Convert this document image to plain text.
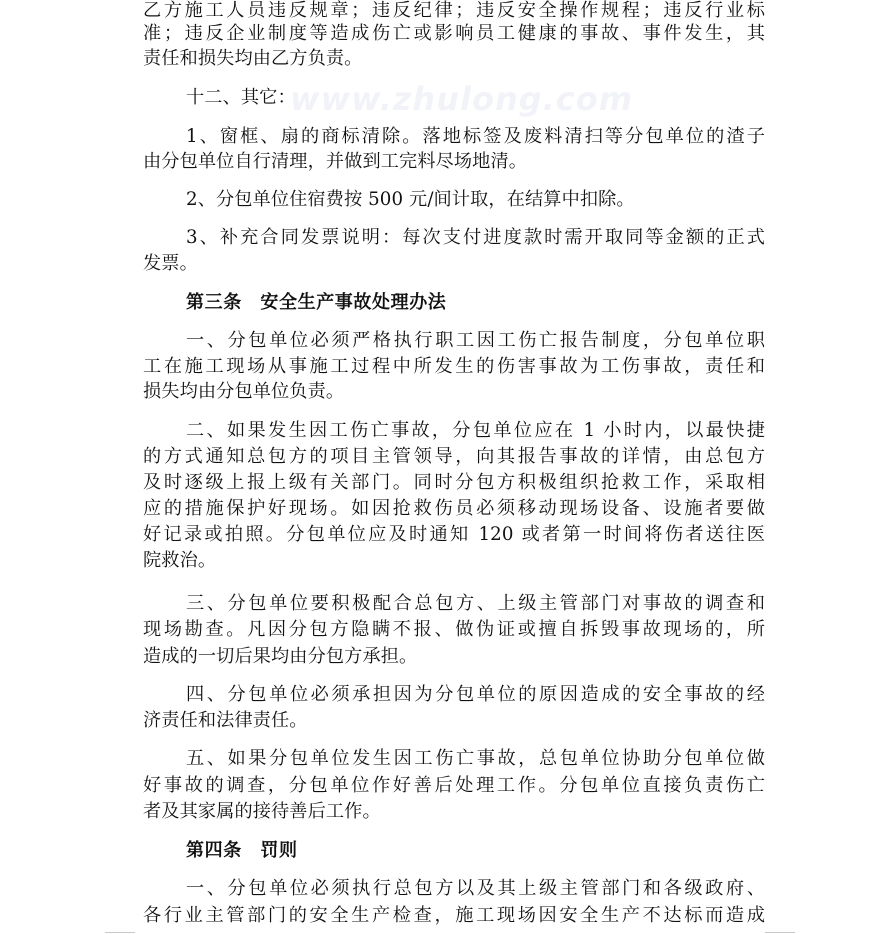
www.zhulong.com
乙方施工人员违反规章；违反纪律；违反安全操作规程；违反行业标
准；违反企业制度等造成伤亡或影响员工健康的事故、事件发生，其
责任和损失均由乙方负责。
十二、其它：
1、窗框、扇的商标清除。落地标签及废料清扫等分包单位的渣子
由分包单位自行清理，并做到工完料尽场地清。
2、分包单位住宿费按 500 元/间计取，在结算中扣除。
3、补充合同发票说明：每次支付进度款时需开取同等金额的正式
发票。
第三条　安全生产事故处理办法
一、分包单位必须严格执行职工因工伤亡报告制度，分包单位职
工在施工现场从事施工过程中所发生的伤害事故为工伤事故，责任和
损失均由分包单位负责。
二、如果发生因工伤亡事故，分包单位应在 1 小时内，以最快捷
的方式通知总包方的项目主管领导，向其报告事故的详情，由总包方
及时逐级上报上级有关部门。同时分包方积极组织抢救工作，采取相
应的措施保护好现场。如因抢救伤员必须移动现场设备、设施者要做
好记录或拍照。分包单位应及时通知 120 或者第一时间将伤者送往医
院救治。
三、分包单位要积极配合总包方、上级主管部门对事故的调查和
现场勘查。凡因分包方隐瞒不报、做伪证或擅自拆毁事故现场的，所
造成的一切后果均由分包方承担。
四、分包单位必须承担因为分包单位的原因造成的安全事故的经
济责任和法律责任。
五、如果分包单位发生因工伤亡事故，总包单位协助分包单位做
好事故的调查，分包单位作好善后处理工作。分包单位直接负责伤亡
者及其家属的接待善后工作。
第四条　罚则
一、分包单位必须执行总包方以及其上级主管部门和各级政府、
各行业主管部门的安全生产检查，施工现场因安全生产不达标而造成
